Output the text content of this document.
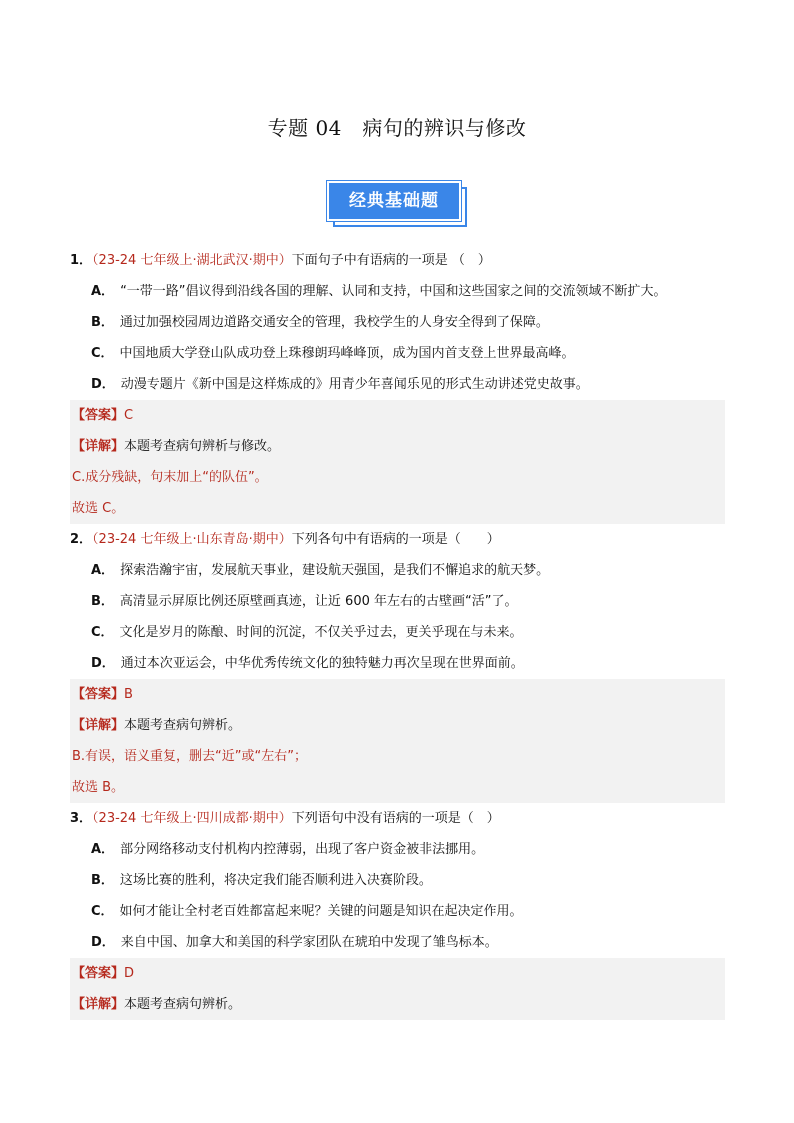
专题 04　病句的辨识与修改
经典基础题
1．（23-24 七年级上·湖北武汉·期中）下面句子中有语病的一项是 （　）
A． “一带一路”倡议得到沿线各国的理解、认同和支持，中国和这些国家之间的交流领域不断扩大。
B． 通过加强校园周边道路交通安全的管理，我校学生的人身安全得到了保障。
C． 中国地质大学登山队成功登上珠穆朗玛峰峰顶，成为国内首支登上世界最高峰。
D． 动漫专题片《新中国是这样炼成的》用青少年喜闻乐见的形式生动讲述党史故事。
【答案】C
【详解】本题考查病句辨析与修改。
C.成分残缺，句末加上“的队伍”。
故选 C。
2．（23-24 七年级上·山东青岛·期中）下列各句中有语病的一项是（　　）
A． 探索浩瀚宇宙，发展航天事业，建设航天强国，是我们不懈追求的航天梦。
B． 高清显示屏原比例还原壁画真迹，让近 600 年左右的古壁画“活”了。
C． 文化是岁月的陈酿、时间的沉淀，不仅关乎过去，更关乎现在与未来。
D． 通过本次亚运会，中华优秀传统文化的独特魅力再次呈现在世界面前。
【答案】B
【详解】本题考查病句辨析。
B.有误，语义重复，删去“近”或“左右”；
故选 B。
3．（23-24 七年级上·四川成都·期中）下列语句中没有语病的一项是（　）
A． 部分网络移动支付机构内控薄弱，出现了客户资金被非法挪用。
B． 这场比赛的胜利，将决定我们能否顺利进入决赛阶段。
C． 如何才能让全村老百姓都富起来呢？关键的问题是知识在起决定作用。
D． 来自中国、加拿大和美国的科学家团队在琥珀中发现了雏鸟标本。
【答案】D
【详解】本题考查病句辨析。
